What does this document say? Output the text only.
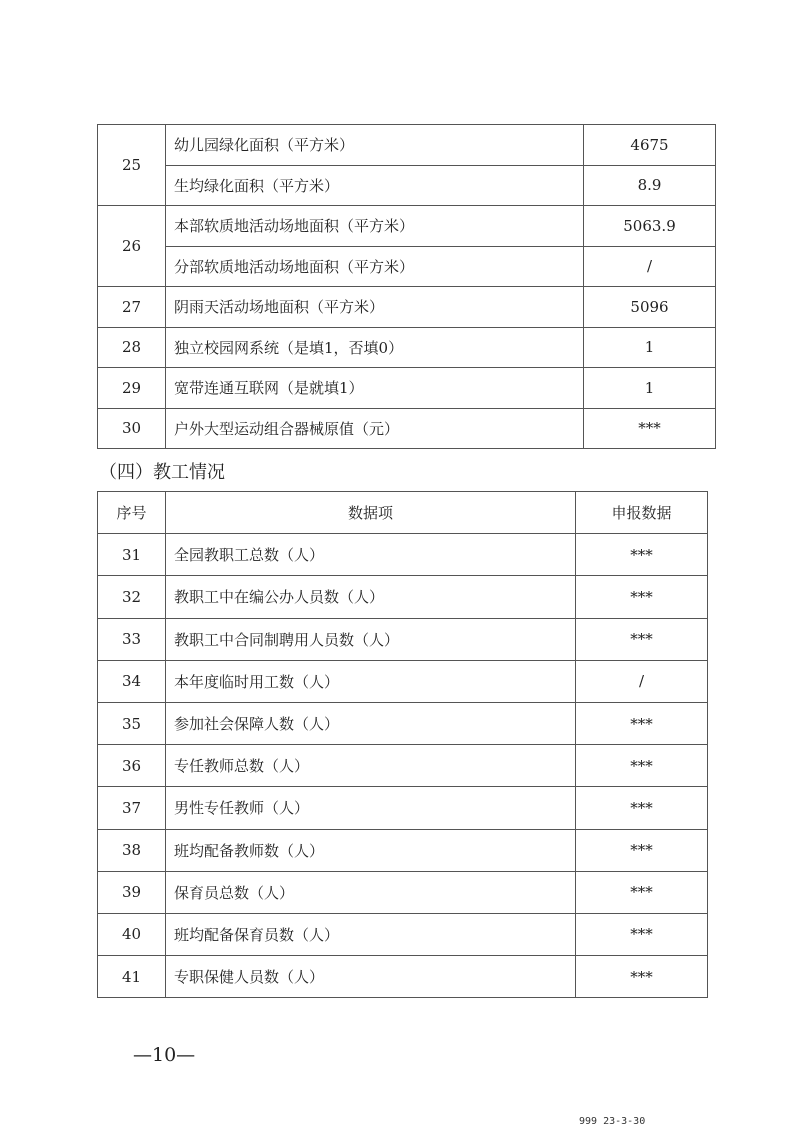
25	幼儿园绿化面积（平方米）	4675
	生均绿化面积（平方米）	8.9
26	本部软质地活动场地面积（平方米）	5063.9
	分部软质地活动场地面积（平方米）	/
27	阴雨天活动场地面积（平方米）	5096
28	独立校园网系统（是填1，否填0）	1
29	宽带连通互联网（是就填1）	1
30	户外大型运动组合器械原值（元）	***
（四）教工情况
序号	数据项	申报数据
31	全园教职工总数（人）	***
32	教职工中在编公办人员数（人）	***
33	教职工中合同制聘用人员数（人）	***
34	本年度临时用工数（人）	/
35	参加社会保障人数（人）	***
36	专任教师总数（人）	***
37	男性专任教师（人）	***
38	班均配备教师数（人）	***
39	保育员总数（人）	***
40	班均配备保育员数（人）	***
41	专职保健人员数（人）	***
—10—
999 23-3-30
